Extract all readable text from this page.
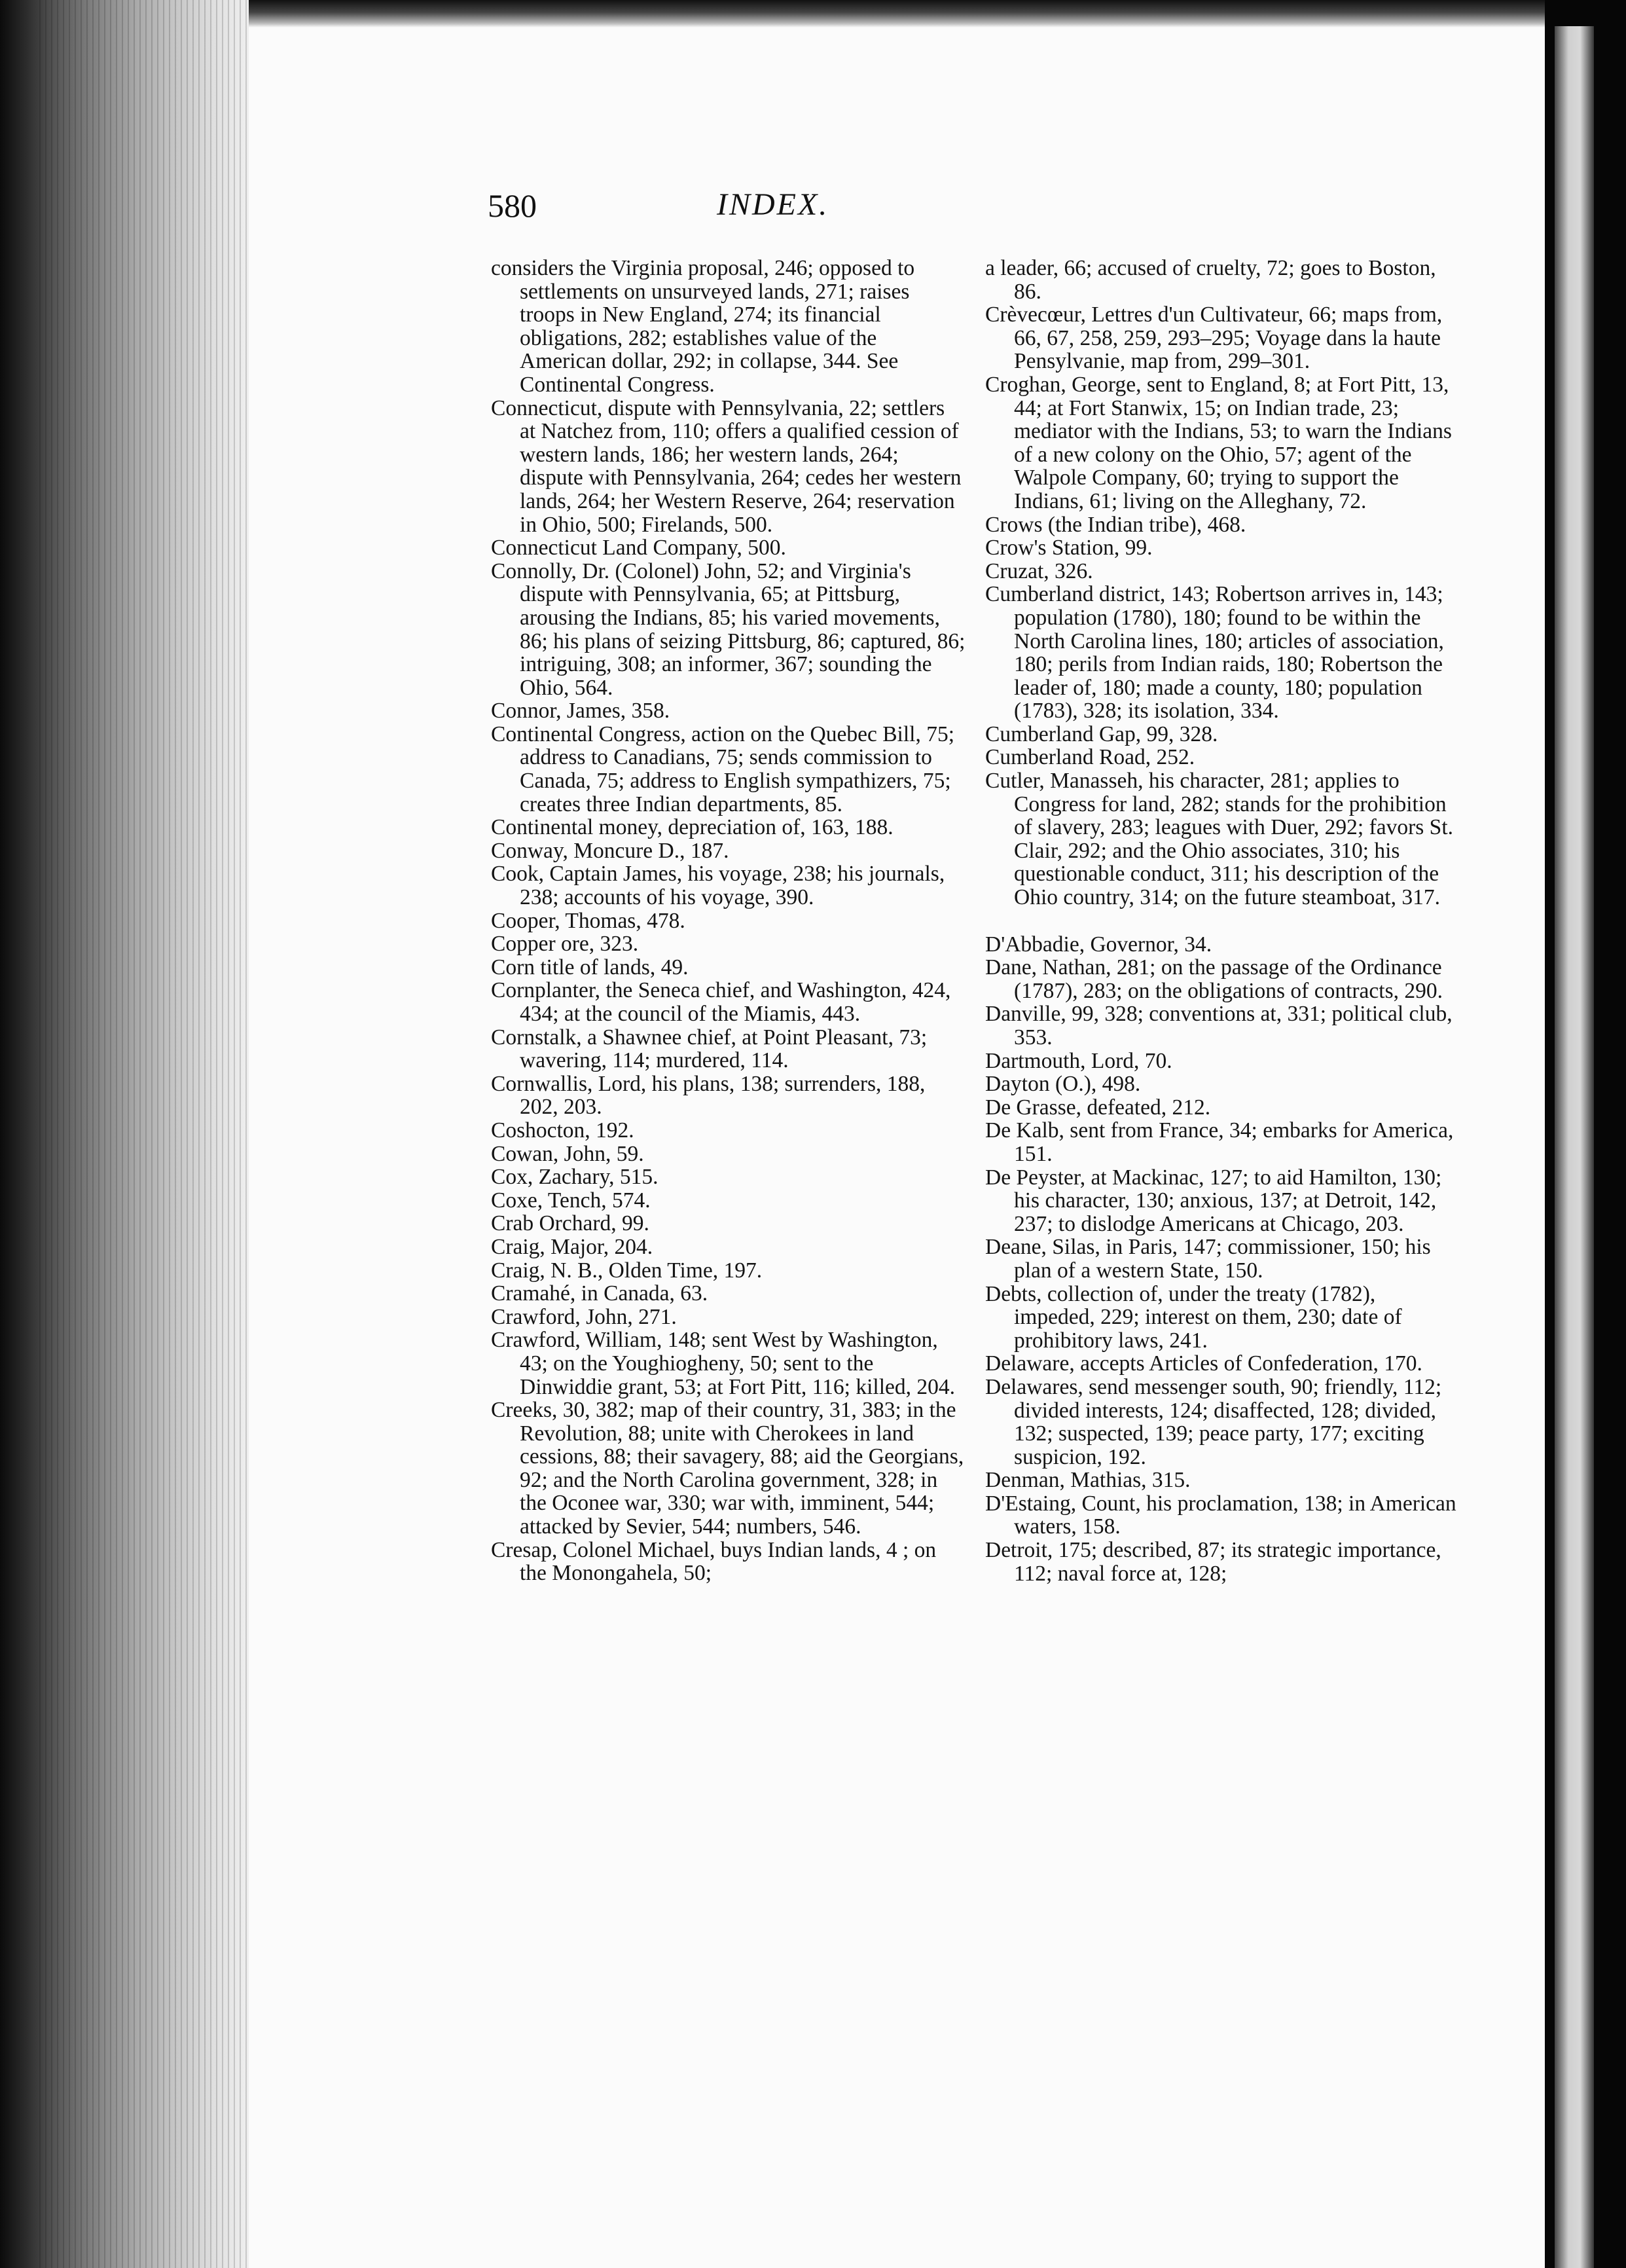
580	INDEX.

considers the Virginia proposal, 246; opposed to settlements on unsurveyed lands, 271; raises troops in New England, 274; its financial obligations, 282; establishes value of the American dollar, 292; in collapse, 344. See Continental Congress.

Connecticut, dispute with Pennsylvania, 22; settlers at Natchez from, 110; offers a qualified cession of western lands, 186; her western lands, 264; dispute with Pennsylvania, 264; cedes her western lands, 264; her Western Reserve, 264; reservation in Ohio, 500; Firelands, 500.

Connecticut Land Company, 500.

Connolly, Dr. (Colonel) John, 52; and Virginia's dispute with Pennsylvania, 65; at Pittsburg, arousing the Indians, 85; his varied movements, 86; his plans of seizing Pittsburg, 86; captured, 86; intriguing, 308; an informer, 367; sounding the Ohio, 564.

Connor, James, 358.

Continental Congress, action on the Quebec Bill, 75; address to Canadians, 75; sends commission to Canada, 75; address to English sympathizers, 75; creates three Indian departments, 85.

Continental money, depreciation of, 163, 188.

Conway, Moncure D., 187.

Cook, Captain James, his voyage, 238; his journals, 238; accounts of his voyage, 390.

Cooper, Thomas, 478.

Copper ore, 323.

Corn title of lands, 49.

Cornplanter, the Seneca chief, and Washington, 424, 434; at the council of the Miamis, 443.

Cornstalk, a Shawnee chief, at Point Pleasant, 73; wavering, 114; murdered, 114.

Cornwallis, Lord, his plans, 138; surrenders, 188, 202, 203.

Coshocton, 192.

Cowan, John, 59.

Cox, Zachary, 515.

Coxe, Tench, 574.

Crab Orchard, 99.

Craig, Major, 204.

Craig, N. B., Olden Time, 197.

Cramahé, in Canada, 63.

Crawford, John, 271.

Crawford, William, 148; sent West by Washington, 43; on the Youghiogheny, 50; sent to the Dinwiddie grant, 53; at Fort Pitt, 116; killed, 204.

Creeks, 30, 382; map of their country, 31, 383; in the Revolution, 88; unite with Cherokees in land cessions, 88; their savagery, 88; aid the Georgians, 92; and the North Carolina government, 328; in the Oconee war, 330; war with, imminent, 544; attacked by Sevier, 544; numbers, 546.

Cresap, Colonel Michael, buys Indian lands, 4 ; on the Monongahela, 50;

a leader, 66; accused of cruelty, 72; goes to Boston, 86.

Crèvecœur, Lettres d'un Cultivateur, 66; maps from, 66, 67, 258, 259, 293–295; Voyage dans la haute Pensylvanie, map from, 299–301.

Croghan, George, sent to England, 8; at Fort Pitt, 13, 44; at Fort Stanwix, 15; on Indian trade, 23; mediator with the Indians, 53; to warn the Indians of a new colony on the Ohio, 57; agent of the Walpole Company, 60; trying to support the Indians, 61; living on the Alleghany, 72.

Crows (the Indian tribe), 468.

Crow's Station, 99.

Cruzat, 326.

Cumberland district, 143; Robertson arrives in, 143; population (1780), 180; found to be within the North Carolina lines, 180; articles of association, 180; perils from Indian raids, 180; Robertson the leader of, 180; made a county, 180; population (1783), 328; its isolation, 334.

Cumberland Gap, 99, 328.

Cumberland Road, 252.

Cutler, Manasseh, his character, 281; applies to Congress for land, 282; stands for the prohibition of slavery, 283; leagues with Duer, 292; favors St. Clair, 292; and the Ohio associates, 310; his questionable conduct, 311; his description of the Ohio country, 314; on the future steamboat, 317.

D'Abbadie, Governor, 34.

Dane, Nathan, 281; on the passage of the Ordinance (1787), 283; on the obligations of contracts, 290.

Danville, 99, 328; conventions at, 331; political club, 353.

Dartmouth, Lord, 70.

Dayton (O.), 498.

De Grasse, defeated, 212.

De Kalb, sent from France, 34; embarks for America, 151.

De Peyster, at Mackinac, 127; to aid Hamilton, 130; his character, 130; anxious, 137; at Detroit, 142, 237; to dislodge Americans at Chicago, 203.

Deane, Silas, in Paris, 147; commissioner, 150; his plan of a western State, 150.

Debts, collection of, under the treaty (1782), impeded, 229; interest on them, 230; date of prohibitory laws, 241.

Delaware, accepts Articles of Confederation, 170.

Delawares, send messenger south, 90; friendly, 112; divided interests, 124; disaffected, 128; divided, 132; suspected, 139; peace party, 177; exciting suspicion, 192.

Denman, Mathias, 315.

D'Estaing, Count, his proclamation, 138; in American waters, 158.

Detroit, 175; described, 87; its strategic importance, 112; naval force at, 128;
